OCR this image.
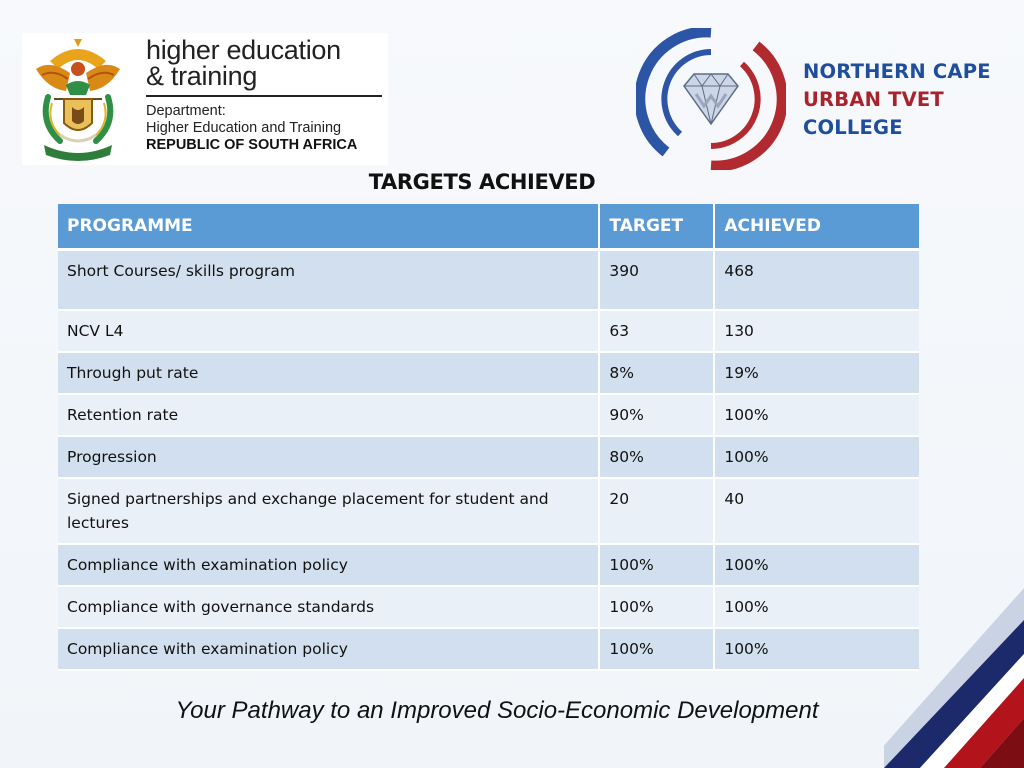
higher education
& training
Department:
Higher Education and Training
REPUBLIC OF SOUTH AFRICA
NORTHERN CAPE
URBAN TVET
COLLEGE
TARGETS ACHIEVED
PROGRAMME	TARGET	ACHIEVED
Short Courses/ skills program	390	468
NCV L4	63	130
Through put rate	8%	19%
Retention rate	90%	100%
Progression	80%	100%
Signed partnerships and exchange placement for student and lectures	20	40
Compliance with examination policy	100%	100%
Compliance with governance standards	100%	100%
Compliance with examination policy	100%	100%
Your Pathway to an Improved Socio-Economic Development
